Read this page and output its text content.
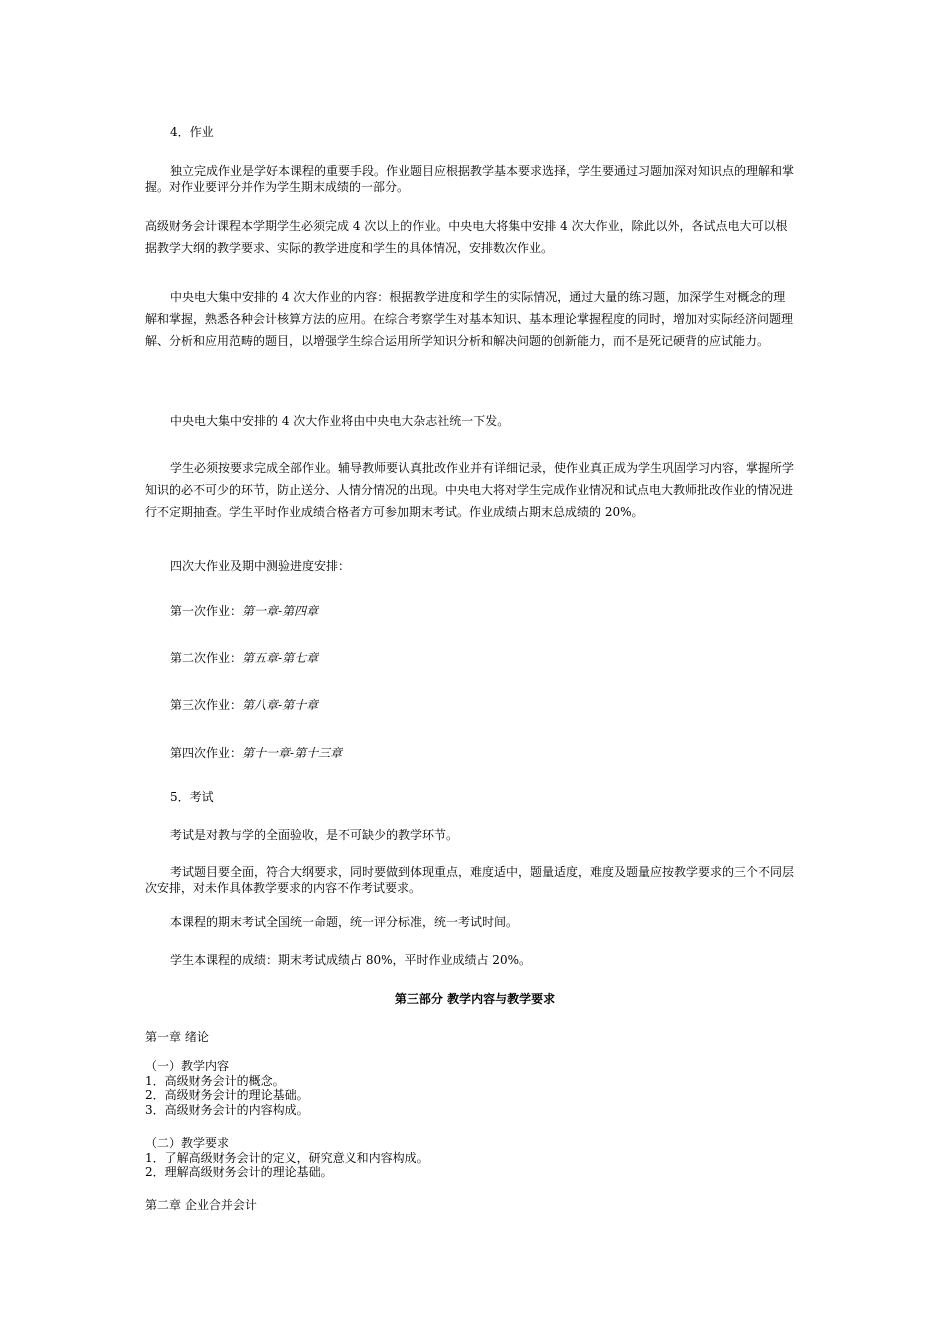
4．作业

独立完成作业是学好本课程的重要手段。作业题目应根据教学基本要求选择，学生要通过习题加深对知识点的理解和掌握。对作业要评分并作为学生期末成绩的一部分。

高级财务会计课程本学期学生必须完成 4 次以上的作业。中央电大将集中安排 4 次大作业，除此以外，各试点电大可以根据教学大纲的教学要求、实际的教学进度和学生的具体情况，安排数次作业。

中央电大集中安排的 4 次大作业的内容：根据教学进度和学生的实际情况，通过大量的练习题，加深学生对概念的理解和掌握，熟悉各种会计核算方法的应用。在综合考察学生对基本知识、基本理论掌握程度的同时，增加对实际经济问题理解、分析和应用范畴的题目，以增强学生综合运用所学知识分析和解决问题的创新能力，而不是死记硬背的应试能力。

中央电大集中安排的 4 次大作业将由中央电大杂志社统一下发。

学生必须按要求完成全部作业。辅导教师要认真批改作业并有详细记录，使作业真正成为学生巩固学习内容，掌握所学知识的必不可少的环节，防止送分、人情分情况的出现。中央电大将对学生完成作业情况和试点电大教师批改作业的情况进行不定期抽查。学生平时作业成绩合格者方可参加期末考试。作业成绩占期末总成绩的 20%。

四次大作业及期中测验进度安排：

第一次作业：第一章-第四章

第二次作业：第五章-第七章

第三次作业：第八章-第十章

第四次作业：第十一章-第十三章

5．考试

考试是对教与学的全面验收，是不可缺少的教学环节。

考试题目要全面，符合大纲要求，同时要做到体现重点，难度适中，题量适度，难度及题量应按教学要求的三个不同层次安排，对未作具体教学要求的内容不作考试要求。

本课程的期末考试全国统一命题，统一评分标准，统一考试时间。

学生本课程的成绩：期末考试成绩占 80%，平时作业成绩占 20%。

第三部分 教学内容与教学要求

第一章 绪论

（一）教学内容
1．高级财务会计的概念。
2．高级财务会计的理论基础。
3．高级财务会计的内容构成。
（二）教学要求
1．了解高级财务会计的定义，研究意义和内容构成。
2．理解高级财务会计的理论基础。

第二章 企业合并会计
